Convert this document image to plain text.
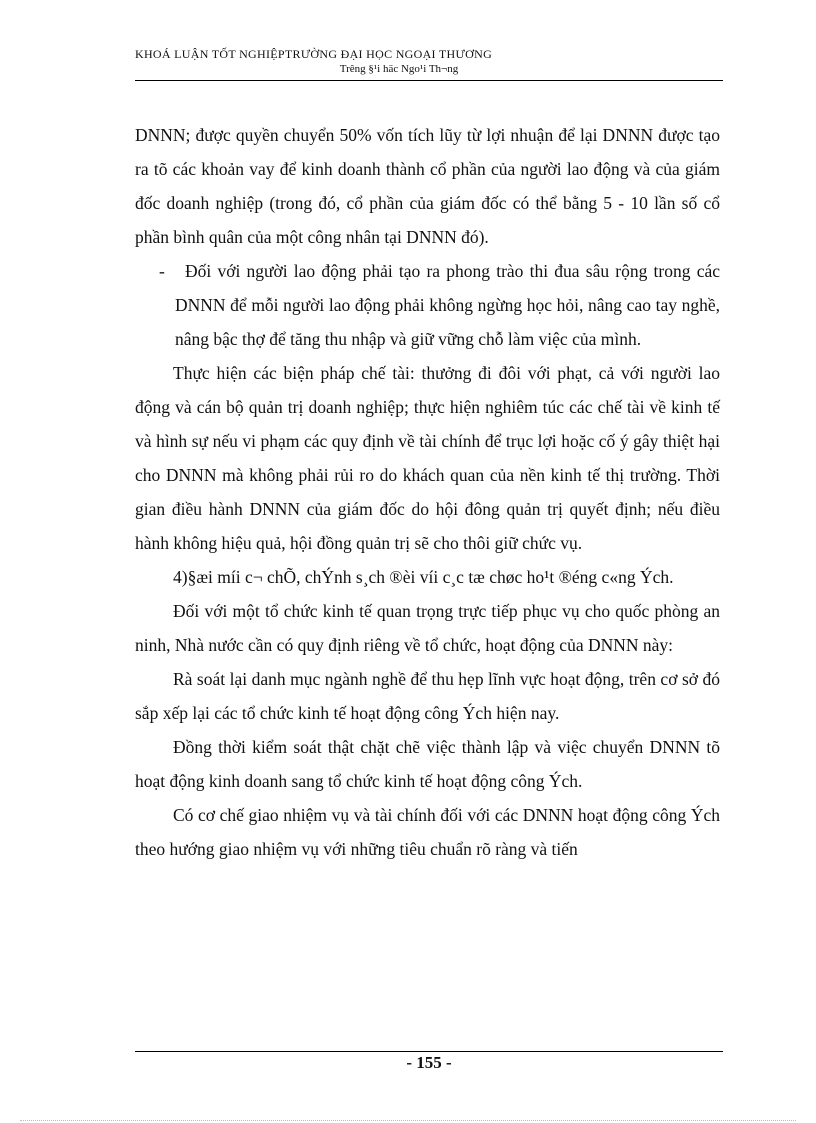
KHOÁ LUẬN TỐT NGHIỆPTRƯỜNG ĐẠI HỌC NGOẠI THƯƠNG
Trêng §¹i häc Ngo¹i Th¬ng

DNNN; được quyền chuyển 50% vốn tích lũy từ lợi nhuận để lại DNNN được tạo ra tõ các khoản vay để kinh doanh thành cổ phần của người lao động và của giám đốc doanh nghiệp (trong đó, cổ phần của giám đốc có thể bằng 5 - 10 lần số cổ phần bình quân của một công nhân tại DNNN đó).

- Đối với người lao động phải tạo ra phong trào thi đua sâu rộng trong các DNNN để mỗi người lao động phải không ngừng học hỏi, nâng cao tay nghề, nâng bậc thợ để tăng thu nhập và giữ vững chỗ làm việc của mình.

Thực hiện các biện pháp chế tài: thưởng đi đôi với phạt, cả với người lao động và cán bộ quản trị doanh nghiệp; thực hiện nghiêm túc các chế tài về kinh tế và hình sự nếu vi phạm các quy định về tài chính để trục lợi hoặc cố ý gây thiệt hại cho DNNN mà không phải rủi ro do khách quan của nền kinh tế thị trường. Thời gian điều hành DNNN của giám đốc do hội đông quản trị quyết định; nếu điều hành không hiệu quả, hội đồng quản trị sẽ cho thôi giữ chức vụ.

4)§æi míi c¬ chÕ, chÝnh s¸ch ®èi víi c¸c tæ chøc ho¹t ®éng c«ng Ých.

Đối với một tổ chức kinh tế quan trọng trực tiếp phục vụ cho quốc phòng an ninh, Nhà nước cần có quy định riêng về tổ chức, hoạt động của DNNN này:

Rà soát lại danh mục ngành nghề để thu hẹp lĩnh vực hoạt động, trên cơ sở đó sắp xếp lại các tổ chức kinh tế hoạt động công Ých hiện nay.

Đồng thời kiểm soát thật chặt chẽ việc thành lập và việc chuyển DNNN tõ hoạt động kinh doanh sang tổ chức kinh tế hoạt động công Ých.

Có cơ chế giao nhiệm vụ và tài chính đối với các DNNN hoạt động công Ých theo hướng giao nhiệm vụ với những tiêu chuẩn rõ ràng và tiến

- 155 -
